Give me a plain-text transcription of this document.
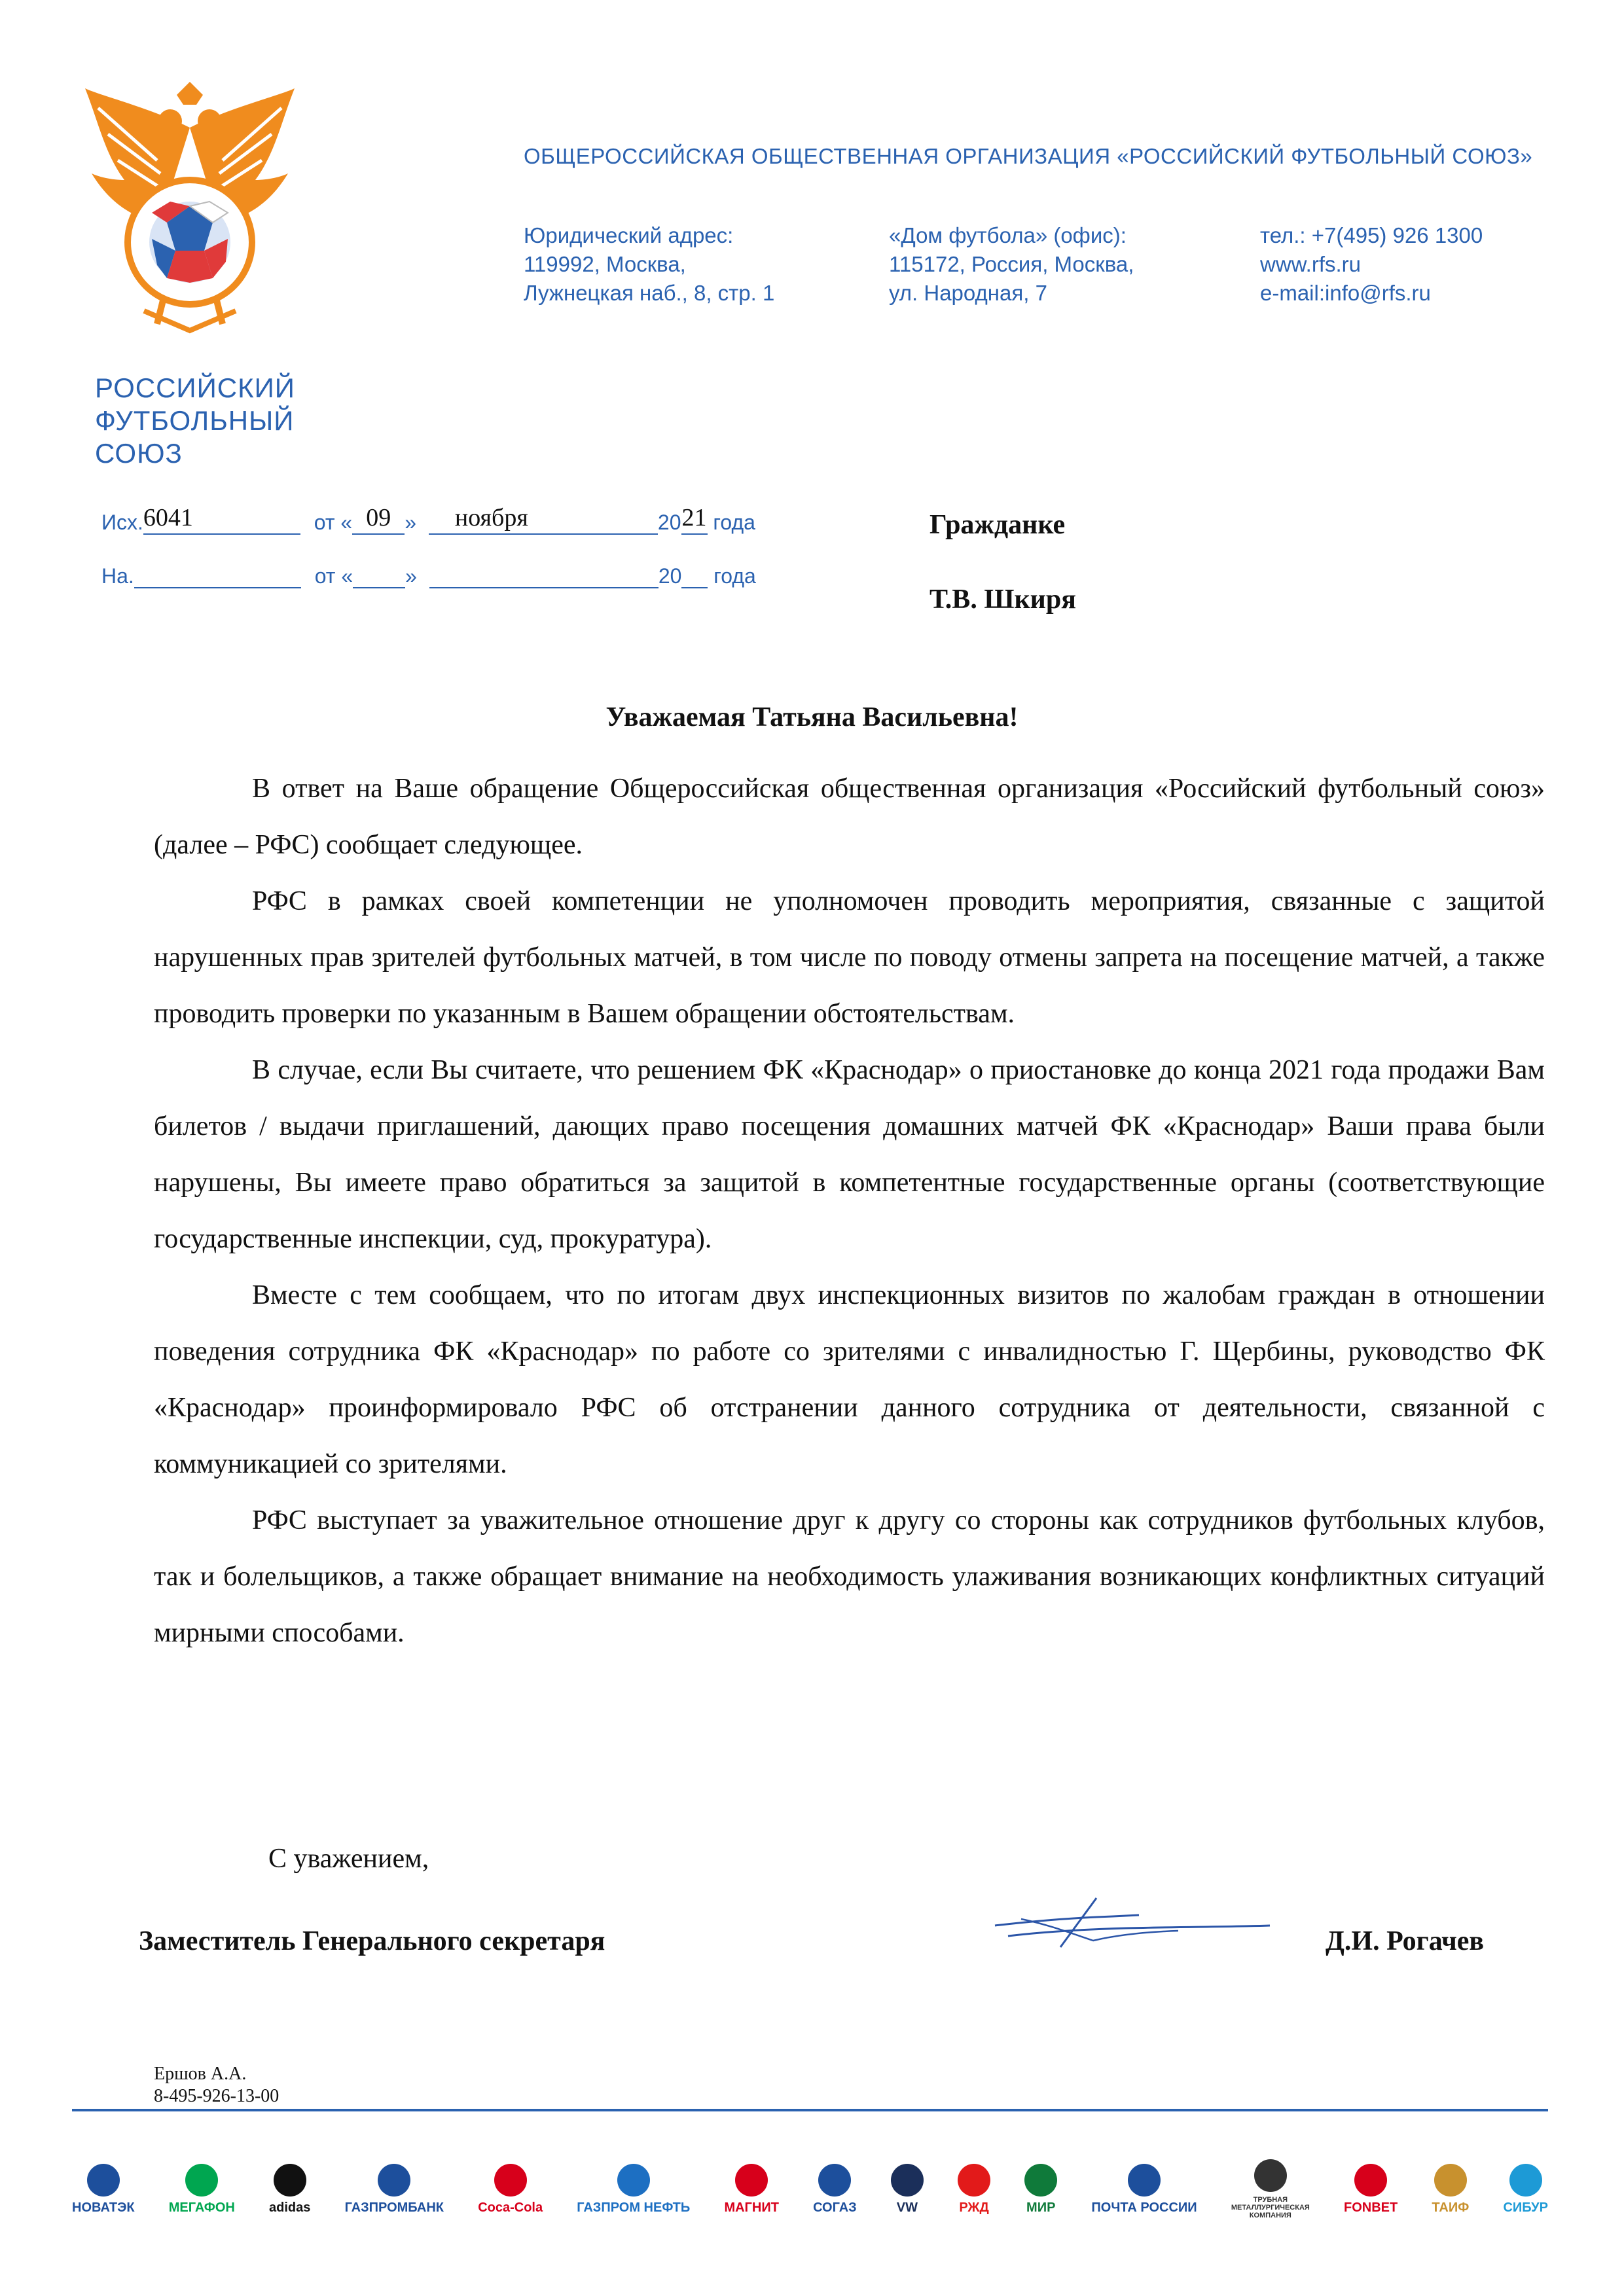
РОССИЙСКИЙ
ФУТБОЛЬНЫЙ
СОЮЗ
ОБЩЕРОССИЙСКАЯ ОБЩЕСТВЕННАЯ ОРГАНИЗАЦИЯ «РОССИЙСКИЙ ФУТБОЛЬНЫЙ СОЮЗ»
Юридический адрес:
119992, Москва,
Лужнецкая наб., 8, стр. 1
«Дом футбола» (офис):
115172, Россия, Москва,
ул. Народная, 7
тел.: +7(495) 926 1300
www.rfs.ru
e-mail:info@rfs.ru
Исх. 6041	от « 09 »	ноября	20 21 года
На.	от «	»	20 года
Гражданке
Т.В. Шкиря
Уважаемая Татьяна Васильевна!

В ответ на Ваше обращение Общероссийская общественная организация «Российский футбольный союз» (далее – РФС) сообщает следующее.

РФС в рамках своей компетенции не уполномочен проводить мероприятия, связанные с защитой нарушенных прав зрителей футбольных матчей, в том числе по поводу отмены запрета на посещение матчей, а также проводить проверки по указанным в Вашем обращении обстоятельствам.

В случае, если Вы считаете, что решением ФК «Краснодар» о приостановке до конца 2021 года продажи Вам билетов / выдачи приглашений, дающих право посещения домашних матчей ФК «Краснодар» Ваши права были нарушены, Вы имеете право обратиться за защитой в компетентные государственные органы (соответствующие государственные инспекции, суд, прокуратура).

Вместе с тем сообщаем, что по итогам двух инспекционных визитов по жалобам граждан в отношении поведения сотрудника ФК «Краснодар» по работе со зрителями с инвалидностью Г. Щербины, руководство ФК «Краснодар» проинформировало РФС об отстранении данного сотрудника от деятельности, связанной с коммуникацией со зрителями.

РФС выступает за уважительное отношение друг к другу со стороны как сотрудников футбольных клубов, так и болельщиков, а также обращает внимание на необходимость улаживания возникающих конфликтных ситуаций мирными способами.

С уважением,
Заместитель Генерального секретаря	Д.И. Рогачев
Ершов А.А.
8-495-926-13-00
НОВАТЭК	МЕГАФОН	adidas	ГАЗПРОМБАНК	Coca-Cola	ГАЗПРОМ НЕФТЬ	МАГНИТ	СОГАЗ	VW	РЖД	МИР	ПОЧТА РОССИИ
ТРУБНАЯ МЕТАЛЛУРГИЧЕСКАЯ КОМПАНИЯ
FONBET	ТАИФ	СИБУР
